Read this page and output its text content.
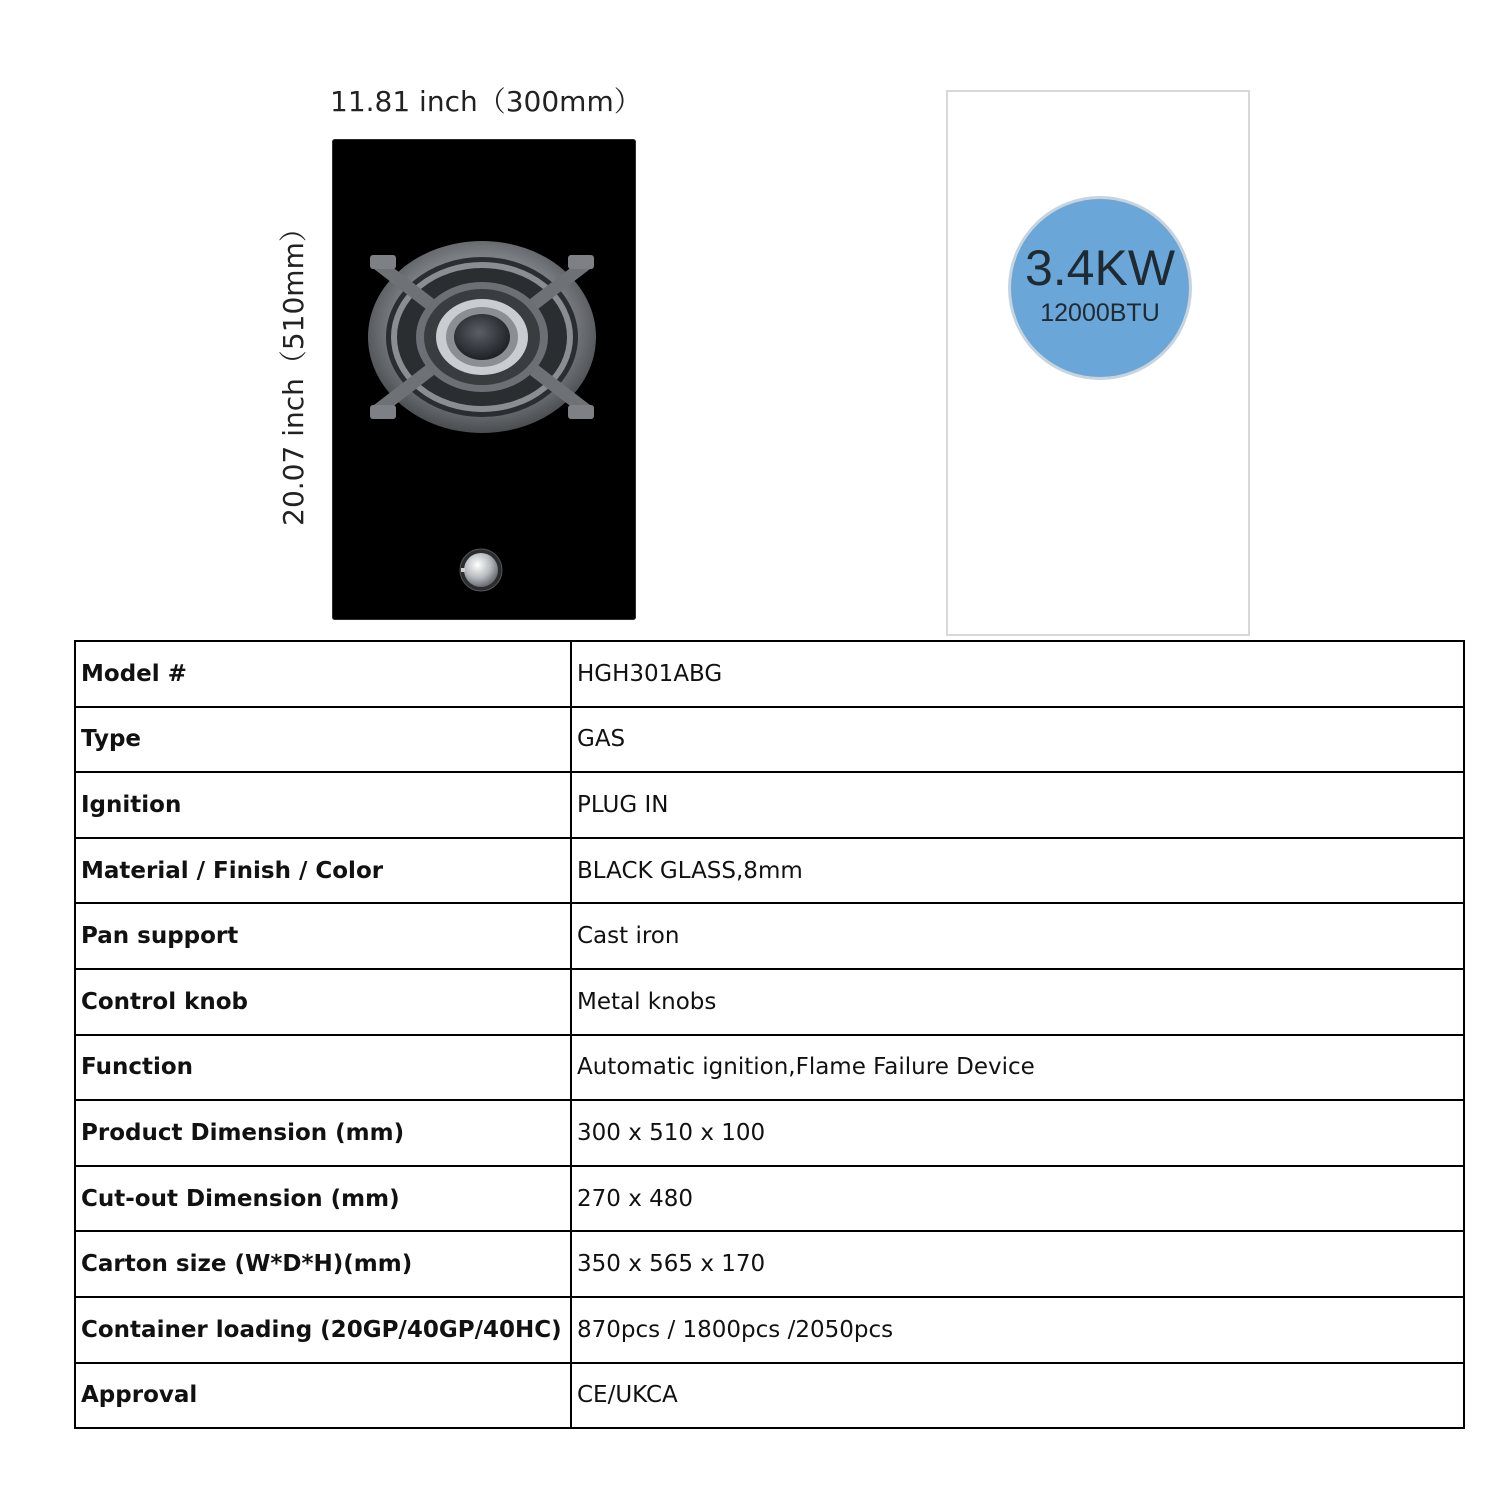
11.81 inch（300mm）
20.07 inch（510mm）	3.4KW
12000BTU
Model #	HGH301ABG
Type	GAS
Ignition	PLUG IN
Material / Finish / Color	BLACK GLASS,8mm
Pan support	Cast iron
Control knob	Metal knobs
Function	Automatic ignition,Flame Failure Device
Product Dimension (mm)	300 x 510 x 100
Cut-out Dimension (mm)	270 x 480
Carton size (W*D*H)(mm)	350 x 565 x 170
Container loading (20GP/40GP/40HC)	870pcs / 1800pcs /2050pcs
Approval	CE/UKCA
